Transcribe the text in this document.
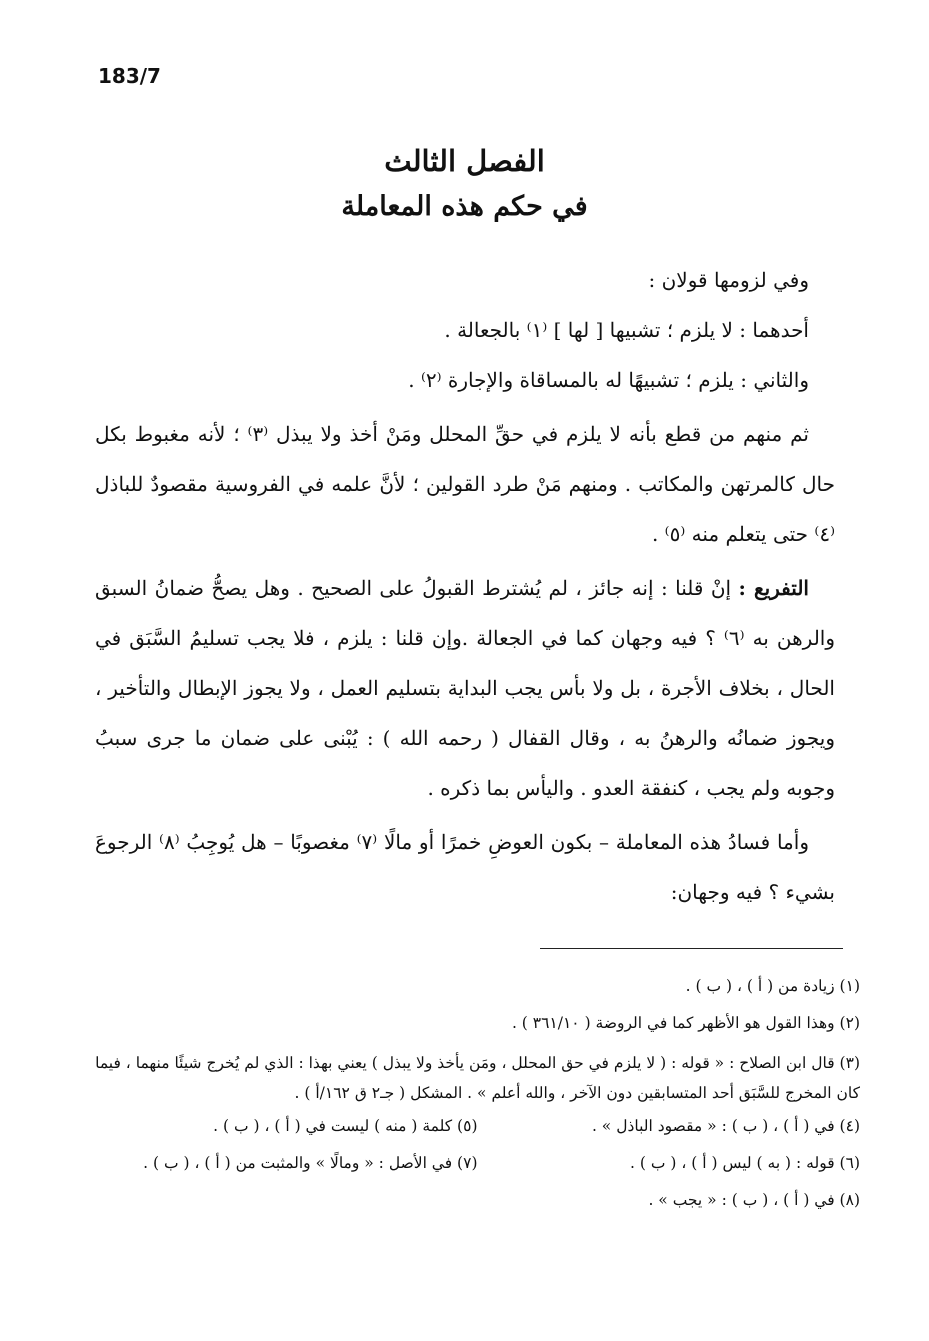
183/7
الفصل الثالث
في حكم هذه المعاملة

وفي لزومها قولان :

أحدهما : لا يلزم ؛ تشبيها [ لها ] ⁽١⁾ بالجعالة .

والثاني : يلزم ؛ تشبيهًا له بالمساقاة والإجارة ⁽٢⁾ .

ثم منهم من قطع بأنه لا يلزم في حقِّ المحلل ومَنْ أخذ ولا يبذل ⁽٣⁾ ؛ لأنه مغبوط بكل حال كالمرتهن والمكاتب . ومنهم مَنْ طرد القولين ؛ لأنَّ علمه في الفروسية مقصودٌ للباذل ⁽٤⁾ حتى يتعلم منه ⁽٥⁾ .

التفريع : إنْ قلنا : إنه جائز ، لم يُشترط القبولُ على الصحيح . وهل يصحُّ ضمانُ السبق والرهن به ⁽٦⁾ ؟ فيه وجهان كما في الجعالة .وإن قلنا : يلزم ، فلا يجب تسليمُ السَّبَق في الحال ، بخلاف الأجرة ، بل ولا بأس يجب البداية بتسليم العمل ، ولا يجوز الإبطال والتأخير ، ويجوز ضمانُه والرهنُ به ، وقال القفال ( رحمه الله ) : يُبْنى على ضمان ما جرى سببُ وجوبه ولم يجب ، كنفقة العدو . واليأس بما ذكره .

وأما فسادُ هذه المعاملة – بكون العوضِ خمرًا أو مالًا ⁽٧⁾ مغصوبًا – هل يُوجِبُ ⁽٨⁾ الرجوعَ بشيء ؟ فيه وجهان:

(١) زيادة من ( أ ) ، ( ب ) .

(٢) وهذا القول هو الأظهر كما في الروضة ( ٣٦١/١٠ ) .

(٣) قال ابن الصلاح : « قوله : ( لا يلزم في حق المحلل ، ومَن يأخذ ولا يبذل ) يعني بهذا : الذي لم يُخرج شيئًا منهما ، فيما كان المخرج للسَّبَق أحد المتسابقين دون الآخر ، والله أعلم » . المشكل ( جـ٢ ق ١٦٢/أ ) .

(٤) في ( أ ) ، ( ب ) : « مقصود الباذل » .

(٥) كلمة ( منه ) ليست في ( أ ) ، ( ب ) .

(٦) قوله : ( به ) ليس ( أ ) ، ( ب ) .

(٧) في الأصل : « ومالًا » والمثبت من ( أ ) ، ( ب ) .

(٨) في ( أ ) ، ( ب ) : « يجب » .
